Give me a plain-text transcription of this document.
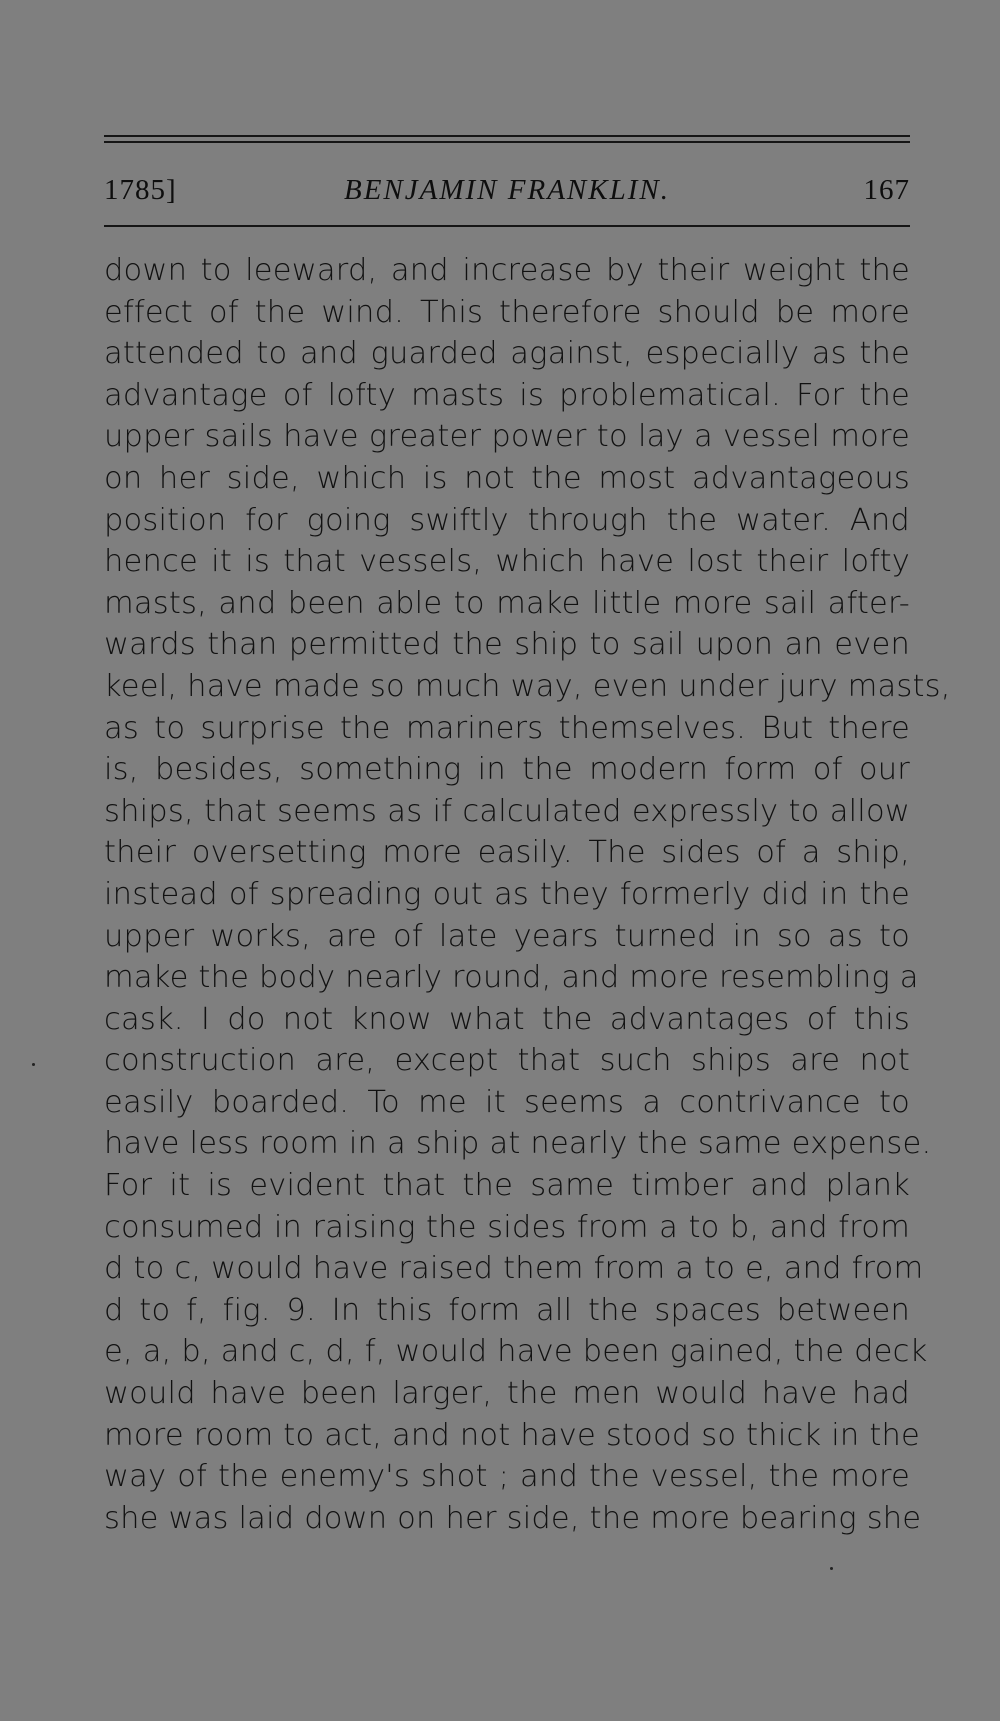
1785]	BENJAMIN FRANKLIN.	167
down to leeward, and increase by their weight the
effect of the wind. This therefore should be more
attended to and guarded against, especially as the
advantage of lofty masts is problematical. For the
upper sails have greater power to lay a vessel more
on her side, which is not the most advantageous
position for going swiftly through the water. And
hence it is that vessels, which have lost their lofty
masts, and been able to make little more sail after-
wards than permitted the ship to sail upon an even
keel, have made so much way, even under jury masts,
as to surprise the mariners themselves. But there
is, besides, something in the modern form of our
ships, that seems as if calculated expressly to allow
their oversetting more easily. The sides of a ship,
instead of spreading out as they formerly did in the
upper works, are of late years turned in so as to
make the body nearly round, and more resembling a
cask. I do not know what the advantages of this
construction are, except that such ships are not
easily boarded. To me it seems a contrivance to
have less room in a ship at nearly the same expense.
For it is evident that the same timber and plank
consumed in raising the sides from a to b, and from
d to c, would have raised them from a to e, and from
d to f, fig. 9. In this form all the spaces between
e, a, b, and c, d, f, would have been gained, the deck
would have been larger, the men would have had
more room to act, and not have stood so thick in the
way of the enemy's shot ; and the vessel, the more
she was laid down on her side, the more bearing she
